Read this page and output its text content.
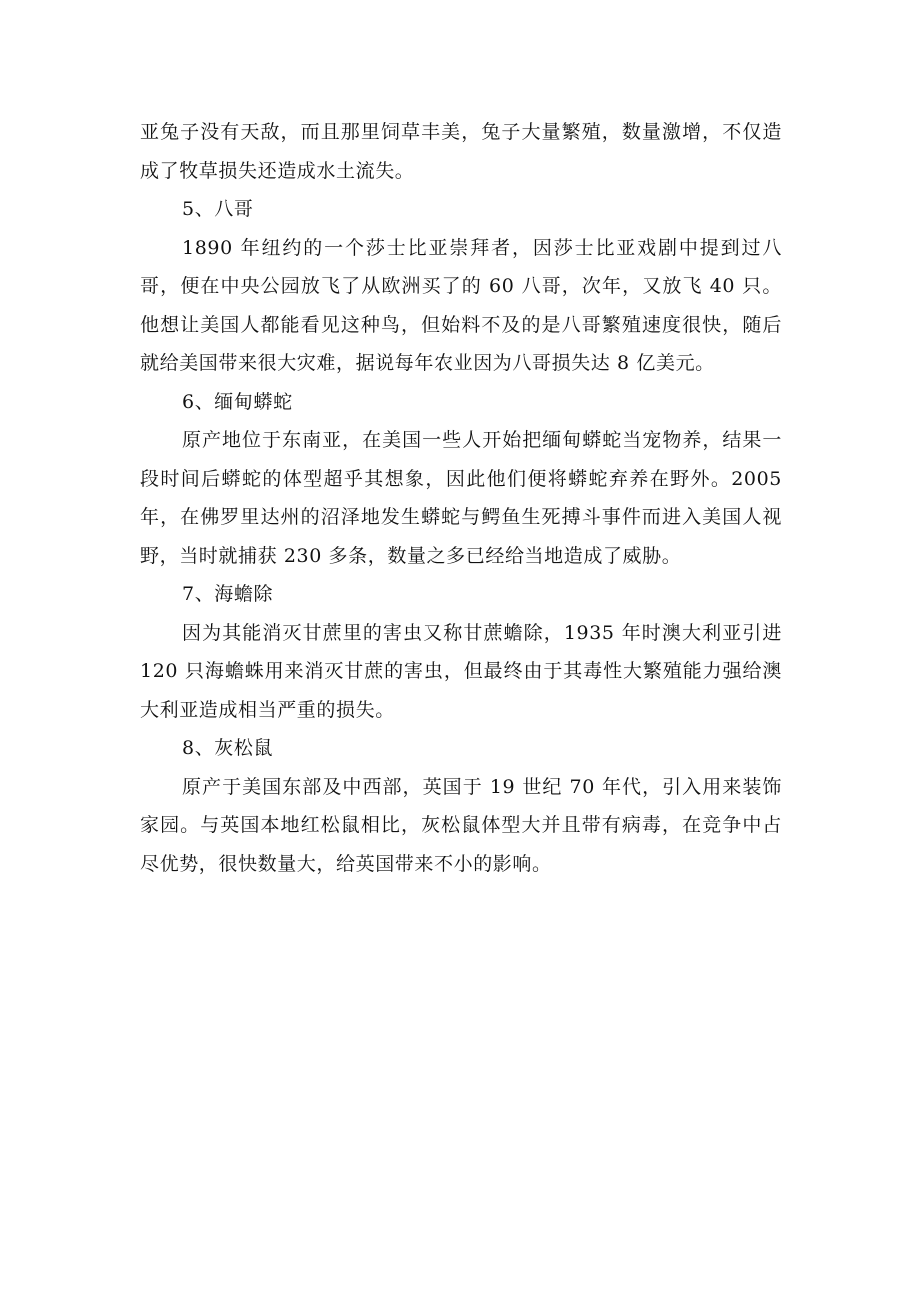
亚兔子没有天敌，而且那里饲草丰美，兔子大量繁殖，数量激增，不仅造成了牧草损失还造成水土流失。

5、八哥

1890 年纽约的一个莎士比亚崇拜者，因莎士比亚戏剧中提到过八哥，便在中央公园放飞了从欧洲买了的 60 八哥，次年，又放飞 40 只。他想让美国人都能看见这种鸟，但始料不及的是八哥繁殖速度很快，随后就给美国带来很大灾难，据说每年农业因为八哥损失达 8 亿美元。

6、缅甸蟒蛇

原产地位于东南亚，在美国一些人开始把缅甸蟒蛇当宠物养，结果一段时间后蟒蛇的体型超乎其想象，因此他们便将蟒蛇弃养在野外。2005 年，在佛罗里达州的沼泽地发生蟒蛇与鳄鱼生死搏斗事件而进入美国人视野，当时就捕获 230 多条，数量之多已经给当地造成了威胁。

7、海蟾除

因为其能消灭甘蔗里的害虫又称甘蔗蟾除，1935 年时澳大利亚引进 120 只海蟾蛛用来消灭甘蔗的害虫，但最终由于其毒性大繁殖能力强给澳大利亚造成相当严重的损失。

8、灰松鼠

原产于美国东部及中西部，英国于 19 世纪 70 年代，引入用来装饰家园。与英国本地红松鼠相比，灰松鼠体型大并且带有病毒，在竞争中占尽优势，很快数量大，给英国带来不小的影响。
